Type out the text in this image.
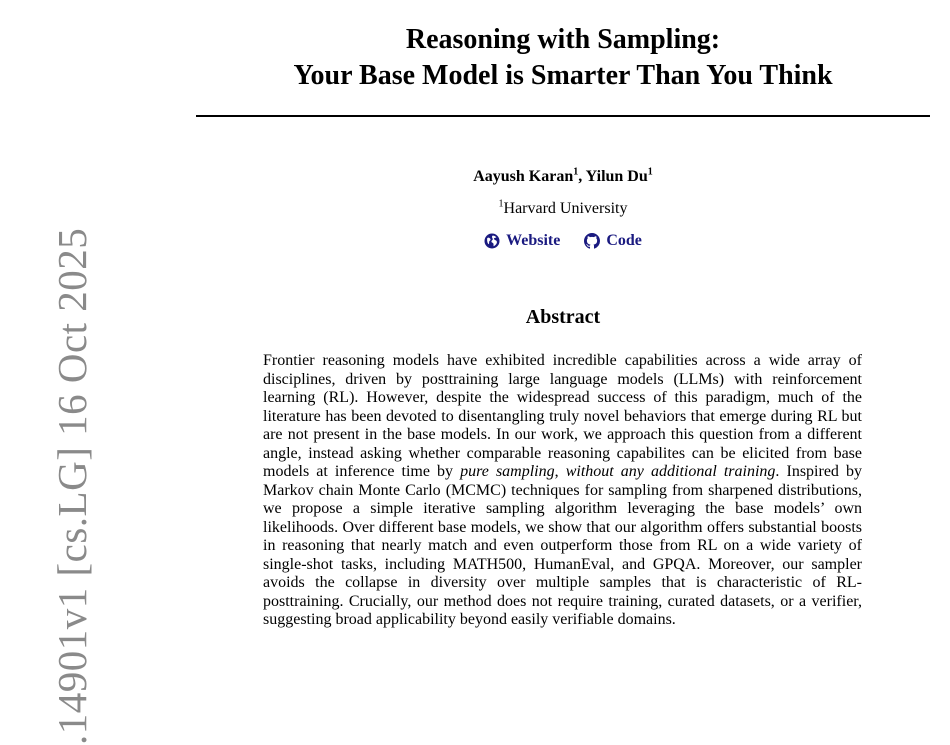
.14901v1 [cs.LG] 16 Oct 2025
Reasoning with Sampling:
Your Base Model is Smarter Than You Think
Aayush Karan$^1$, Yilun Du$^1$
$^1$Harvard University
Website
	Code
Abstract
Frontier reasoning models have exhibited incredible capabilities across a wide array of disciplines, driven by posttraining large language models (LLMs) with reinforcement learning (RL). However, despite the widespread success of this paradigm, much of the literature has been devoted to disentangling truly novel behaviors that emerge during RL but are not present in the base models. In our work, we approach this question from a different angle, instead asking whether comparable reasoning capabilites can be elicited from base models at inference time by pure sampling, without any additional training. Inspired by Markov chain Monte Carlo (MCMC) techniques for sampling from sharpened distributions, we propose a simple iterative sampling algorithm leveraging the base models’ own likelihoods. Over different base models, we show that our algorithm offers substantial boosts in reasoning that nearly match and even outperform those from RL on a wide variety of single-shot tasks, including MATH500, HumanEval, and GPQA. Moreover, our sampler avoids the collapse in diversity over multiple samples that is characteristic of RL-posttraining. Crucially, our method does not require training, curated datasets, or a verifier, suggesting broad applicability beyond easily verifiable domains.
